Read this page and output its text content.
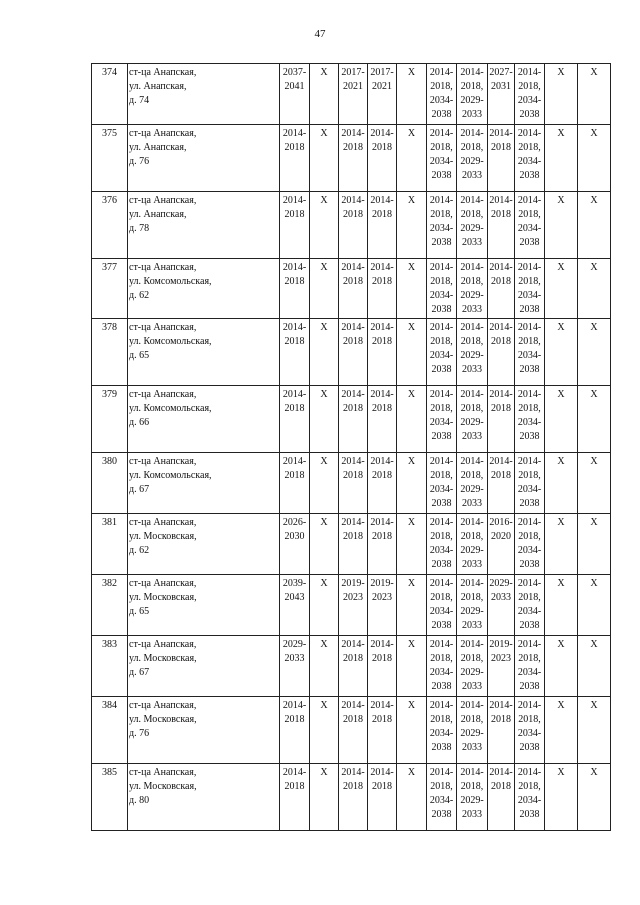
47
374	ст-ца Анапская,
ул. Анапская,
д. 74	2037-
2041	X	2017-
2021	2017-
2021	X	2014-
2018,
2034-
2038	2014-
2018,
2029-
2033	2027-
2031	2014-
2018,
2034-
2038	X	X

375	ст-ца Анапская,
ул. Анапская,
д. 76	2014-
2018	X	2014-
2018	2014-
2018	X	2014-
2018,
2034-
2038	2014-
2018,
2029-
2033	2014-
2018	2014-
2018,
2034-
2038	X	X

376	ст-ца Анапская,
ул. Анапская,
д. 78	2014-
2018	X	2014-
2018	2014-
2018	X	2014-
2018,
2034-
2038	2014-
2018,
2029-
2033	2014-
2018	2014-
2018,
2034-
2038	X	X

377	ст-ца Анапская,
ул. Комсомольская,
д. 62	2014-
2018	X	2014-
2018	2014-
2018	X	2014-
2018,
2034-
2038	2014-
2018,
2029-
2033	2014-
2018	2014-
2018,
2034-
2038	X	X

378	ст-ца Анапская,
ул. Комсомольская,
д. 65	2014-
2018	X	2014-
2018	2014-
2018	X	2014-
2018,
2034-
2038	2014-
2018,
2029-
2033	2014-
2018	2014-
2018,
2034-
2038	X	X

379	ст-ца Анапская,
ул. Комсомольская,
д. 66	2014-
2018	X	2014-
2018	2014-
2018	X	2014-
2018,
2034-
2038	2014-
2018,
2029-
2033	2014-
2018	2014-
2018,
2034-
2038	X	X

380	ст-ца Анапская,
ул. Комсомольская,
д. 67	2014-
2018	X	2014-
2018	2014-
2018	X	2014-
2018,
2034-
2038	2014-
2018,
2029-
2033	2014-
2018	2014-
2018,
2034-
2038	X	X

381	ст-ца Анапская,
ул. Московская,
д. 62	2026-
2030	X	2014-
2018	2014-
2018	X	2014-
2018,
2034-
2038	2014-
2018,
2029-
2033	2016-
2020	2014-
2018,
2034-
2038	X	X

382	ст-ца Анапская,
ул. Московская,
д. 65	2039-
2043	X	2019-
2023	2019-
2023	X	2014-
2018,
2034-
2038	2014-
2018,
2029-
2033	2029-
2033	2014-
2018,
2034-
2038	X	X

383	ст-ца Анапская,
ул. Московская,
д. 67	2029-
2033	X	2014-
2018	2014-
2018	X	2014-
2018,
2034-
2038	2014-
2018,
2029-
2033	2019-
2023	2014-
2018,
2034-
2038	X	X

384	ст-ца Анапская,
ул. Московская,
д. 76	2014-
2018	X	2014-
2018	2014-
2018	X	2014-
2018,
2034-
2038	2014-
2018,
2029-
2033	2014-
2018	2014-
2018,
2034-
2038	X	X

385	ст-ца Анапская,
ул. Московская,
д. 80	2014-
2018	X	2014-
2018	2014-
2018	X	2014-
2018,
2034-
2038	2014-
2018,
2029-
2033	2014-
2018	2014-
2018,
2034-
2038	X	X
